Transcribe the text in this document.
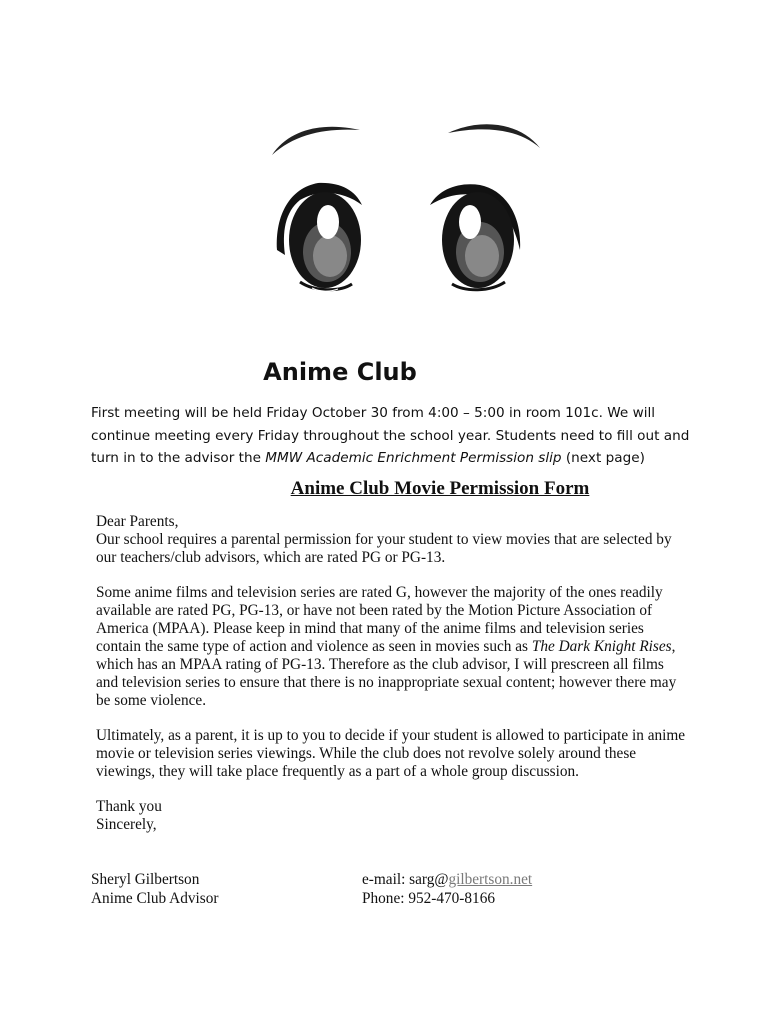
Anime Club
First meeting will be held Friday October 30 from 4:00 – 5:00 in room 101c. We will
continue meeting every Friday throughout the school year. Students need to fill out and
turn in to the advisor the MMW Academic Enrichment Permission slip (next page)
Anime Club Movie Permission Form

Dear Parents,
Our school requires a parental permission for your student to view movies that are selected by our teachers/club advisors, which are rated PG or PG-13.

Some anime films and television series are rated G, however the majority of the ones readily available are rated PG, PG-13, or have not been rated by the Motion Picture Association of America (MPAA). Please keep in mind that many of the anime films and television series contain the same type of action and violence as seen in movies such as The Dark Knight Rises, which has an MPAA rating of PG-13. Therefore as the club advisor, I will prescreen all films and television series to ensure that there is no inappropriate sexual content; however there may be some violence.

Ultimately, as a parent, it is up to you to decide if your student is allowed to participate in anime movie or television series viewings. While the club does not revolve solely around these viewings, they will take place frequently as a part of a whole group discussion.

Thank you
Sincerely,

Sheryl Gilbertson
Anime Club Advisor
e-mail: sarg@gilbertson.net
Phone: 952-470-8166
